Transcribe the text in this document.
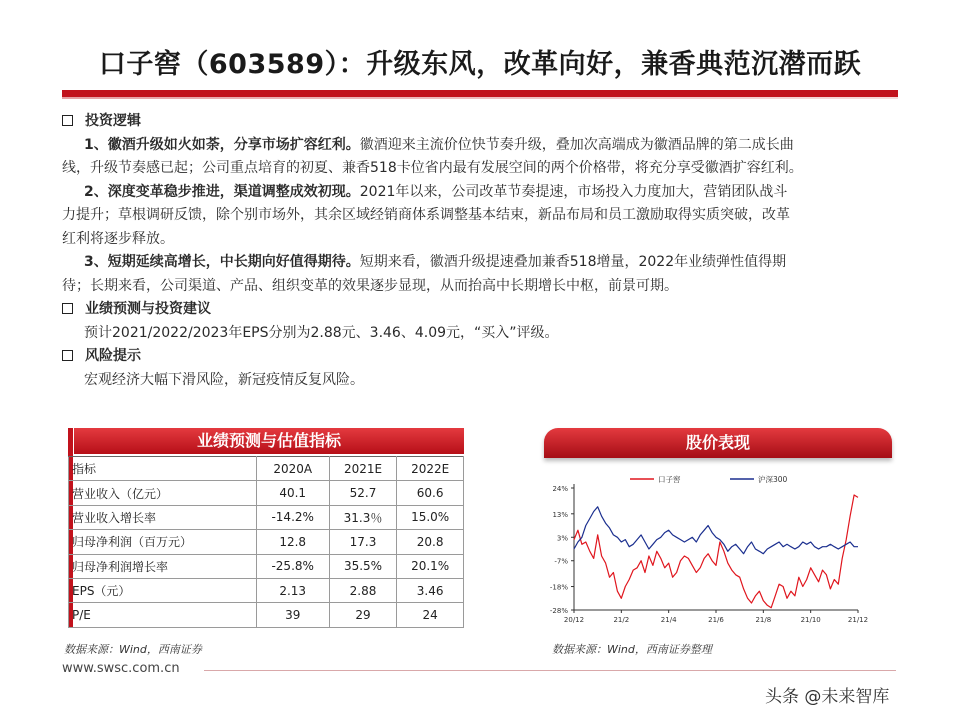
口子窖（603589）：升级东风，改革向好，兼香典范沉潜而跃
投资逻辑
1、徽酒升级如火如荼，分享市场扩容红利。徽酒迎来主流价位快节奏升级，叠加次高端成为徽酒品牌的第二成长曲
线，升级节奏感已起；公司重点培育的初夏、兼香518卡位省内最有发展空间的两个价格带，将充分享受徽酒扩容红利。
2、深度变革稳步推进，渠道调整成效初现。2021年以来，公司改革节奏提速，市场投入力度加大，营销团队战斗
力提升；草根调研反馈，除个别市场外，其余区域经销商体系调整基本结束，新品布局和员工激励取得实质突破，改革
红利将逐步释放。
3、短期延续高增长，中长期向好值得期待。短期来看，徽酒升级提速叠加兼香518增量，2022年业绩弹性值得期
待；长期来看，公司渠道、产品、组织变革的效果逐步显现，从而抬高中长期增长中枢，前景可期。
业绩预测与投资建议
预计2021/2022/2023年EPS分别为2.88元、3.46、4.09元，“买入”评级。
风险提示
宏观经济大幅下滑风险，新冠疫情反复风险。
业绩预测与估值指标
指标	2020A	2021E	2022E
营业收入（亿元）	40.1	52.7	60.6
营业收入增长率	-14.2%	31.3％	15.0%
归母净利润（百万元）	12.8	17.3	20.8
归母净利润增长率	-25.8%	35.5%	20.1%
EPS（元）	2.13	2.88	3.46
P/E	39	29	24
数据来源：Wind，西南证券
股价表现
24%
13%
3%
-7%
-18%
-28%
20/12	21/2	21/4	21/6	21/8	21/10	21/12
口子窖	沪深300
数据来源：Wind，西南证券整理
www.swsc.com.cn
头条 @未来智库
